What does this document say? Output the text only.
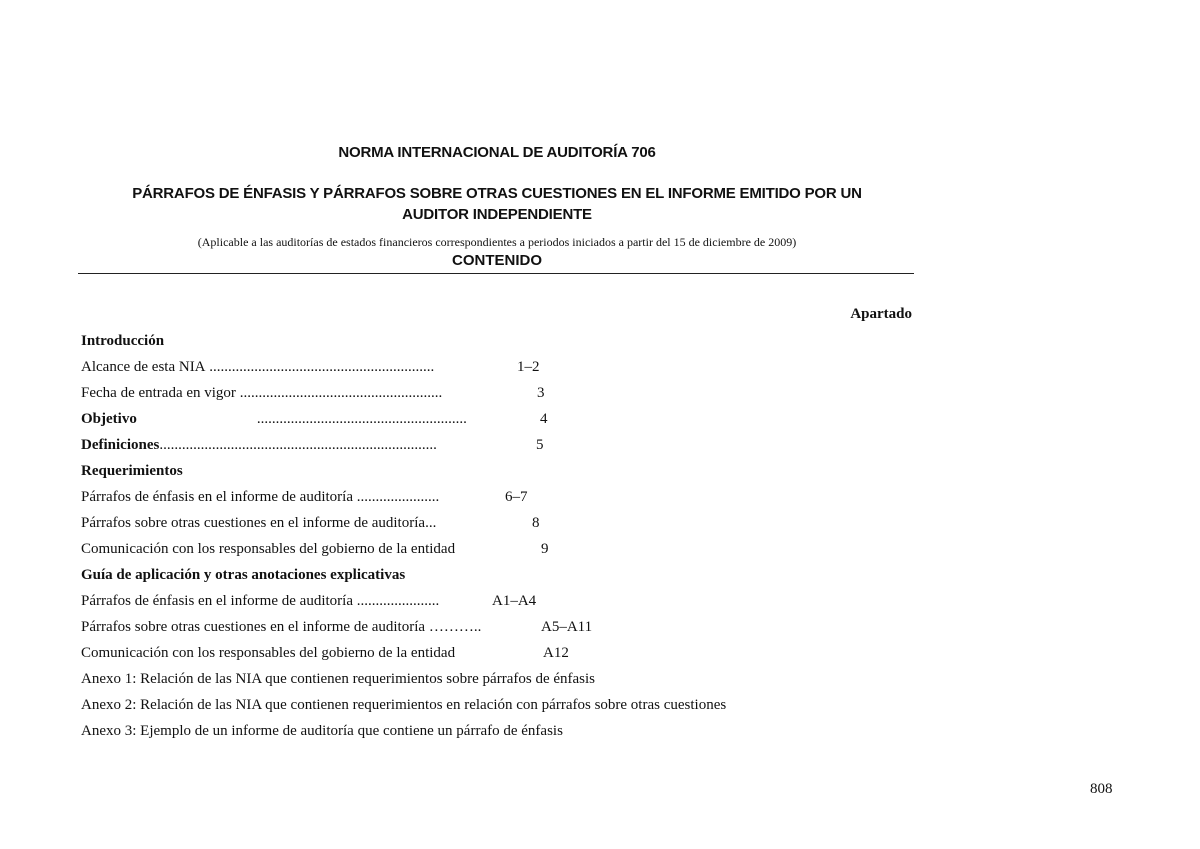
NORMA INTERNACIONAL DE AUDITORÍA 706
PÁRRAFOS DE ÉNFASIS Y PÁRRAFOS SOBRE OTRAS CUESTIONES EN EL INFORME EMITIDO POR UN
AUDITOR INDEPENDIENTE
(Aplicable a las auditorías de estados financieros correspondientes a periodos iniciados a partir del 15 de diciembre de 2009)
CONTENIDO
Apartado
Introducción
Alcance de esta NIA ............................................................	1–2
Fecha de entrada en vigor ......................................................	3
Objetivo                                ........................................................	4
Definiciones..........................................................................	5
Requerimientos
Párrafos de énfasis en el informe de auditoría ......................	6–7
Párrafos sobre otras cuestiones en el informe de auditoría...	8
Comunicación con los responsables del gobierno de la entidad	9
Guía de aplicación y otras anotaciones explicativas
Párrafos de énfasis en el informe de auditoría ......................	A1–A4
Párrafos sobre otras cuestiones en el informe de auditoría ………..	A5–A11
Comunicación con los responsables del gobierno de la entidad	A12
Anexo 1: Relación de las NIA que contienen requerimientos sobre párrafos de énfasis
Anexo 2: Relación de las NIA que contienen requerimientos en relación con párrafos sobre otras cuestiones
Anexo 3: Ejemplo de un informe de auditoría que contiene un párrafo de énfasis
808
